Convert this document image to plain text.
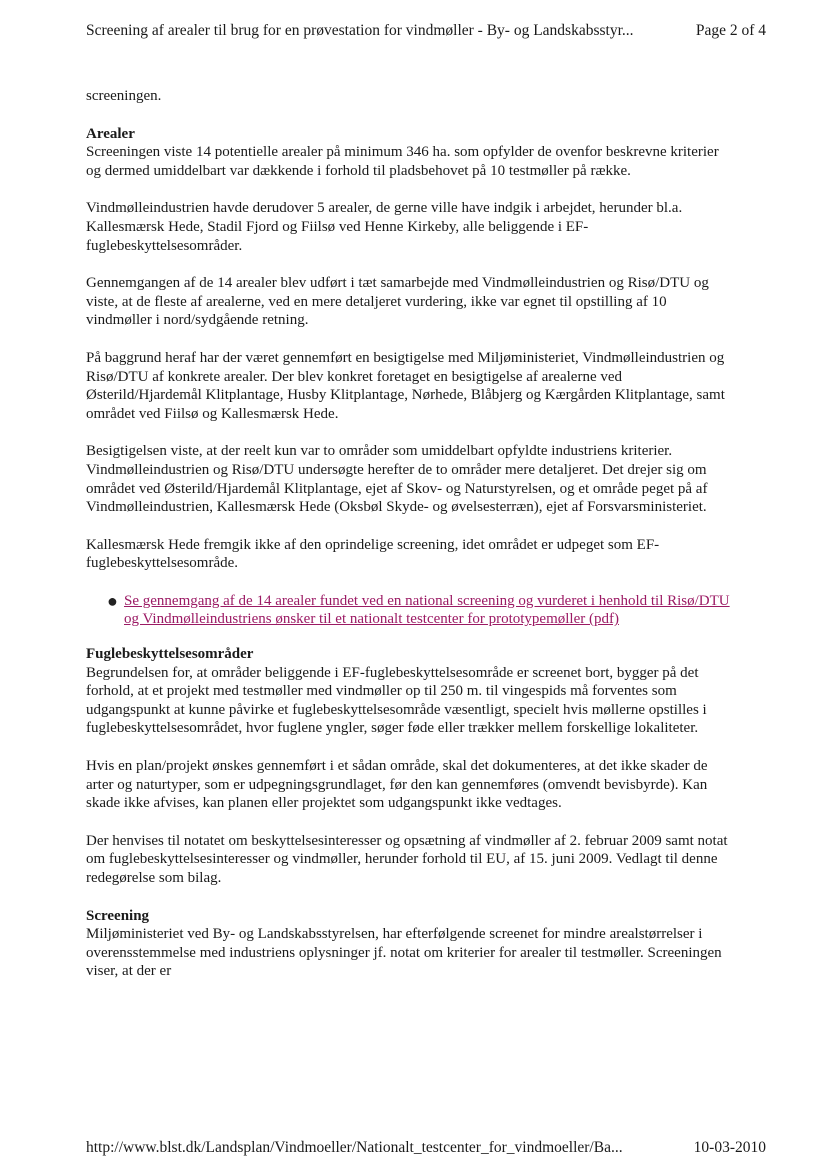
Screening af arealer til brug for en prøvestation for vindmøller - By- og Landskabsstyr...	Page 2 of 4

screeningen.

Arealer

Screeningen viste 14 potentielle arealer på minimum 346 ha. som opfylder de ovenfor beskrevne kriterier og dermed umiddelbart var dækkende i forhold til pladsbehovet på 10 testmøller på række.

Vindmølleindustrien havde derudover 5 arealer, de gerne ville have indgik i arbejdet, herunder bl.a. Kallesmærsk Hede, Stadil Fjord og Fiilsø ved Henne Kirkeby, alle beliggende i EF-fuglebeskyttelsesområder.

Gennemgangen af de 14 arealer blev udført i tæt samarbejde med Vindmølleindustrien og Risø/DTU og viste, at de fleste af arealerne, ved en mere detaljeret vurdering, ikke var egnet til opstilling af 10 vindmøller i nord/sydgående retning.

På baggrund heraf har der været gennemført en besigtigelse med Miljøministeriet, Vindmølleindustrien og Risø/DTU af konkrete arealer. Der blev konkret foretaget en besigtigelse af arealerne ved Østerild/Hjardemål Klitplantage, Husby Klitplantage, Nørhede, Blåbjerg og Kærgården Klitplantage, samt området ved Fiilsø og Kallesmærsk Hede.

Besigtigelsen viste, at der reelt kun var to områder som umiddelbart opfyldte industriens kriterier. Vindmølleindustrien og Risø/DTU undersøgte herefter de to områder mere detaljeret. Det drejer sig om området ved Østerild/Hjardemål Klitplantage, ejet af Skov- og Naturstyrelsen, og et område peget på af Vindmølleindustrien, Kallesmærsk Hede (Oksbøl Skyde- og øvelsesterræn), ejet af Forsvarsministeriet.

Kallesmærsk Hede fremgik ikke af den oprindelige screening, idet området er udpeget som EF-fuglebeskyttelsesområde.

● Se gennemgang af de 14 arealer fundet ved en national screening og vurderet i henhold til Risø/DTU og Vindmølleindustriens ønsker til et nationalt testcenter for prototypemøller (pdf)
Fuglebeskyttelsesområder

Begrundelsen for, at områder beliggende i EF-fuglebeskyttelsesområde er screenet bort, bygger på det forhold, at et projekt med testmøller med vindmøller op til 250 m. til vingespids må forventes som udgangspunkt at kunne påvirke et fuglebeskyttelsesområde væsentligt, specielt hvis møllerne opstilles i fuglebeskyttelsesområdet, hvor fuglene yngler, søger føde eller trækker mellem forskellige lokaliteter.

Hvis en plan/projekt ønskes gennemført i et sådan område, skal det dokumenteres, at det ikke skader de arter og naturtyper, som er udpegningsgrundlaget, før den kan gennemføres (omvendt bevisbyrde). Kan skade ikke afvises, kan planen eller projektet som udgangspunkt ikke vedtages.

Der henvises til notatet om beskyttelsesinteresser og opsætning af vindmøller af 2. februar 2009 samt notat om fuglebeskyttelsesinteresser og vindmøller, herunder forhold til EU, af 15. juni 2009. Vedlagt til denne redegørelse som bilag.

Screening

Miljøministeriet ved By- og Landskabsstyrelsen, har efterfølgende screenet for mindre arealstørrelser i overensstemmelse med industriens oplysninger jf. notat om kriterier for arealer til testmøller. Screeningen viser, at der er

http://www.blst.dk/Landsplan/Vindmoeller/Nationalt_testcenter_for_vindmoeller/Ba...	10-03-2010
